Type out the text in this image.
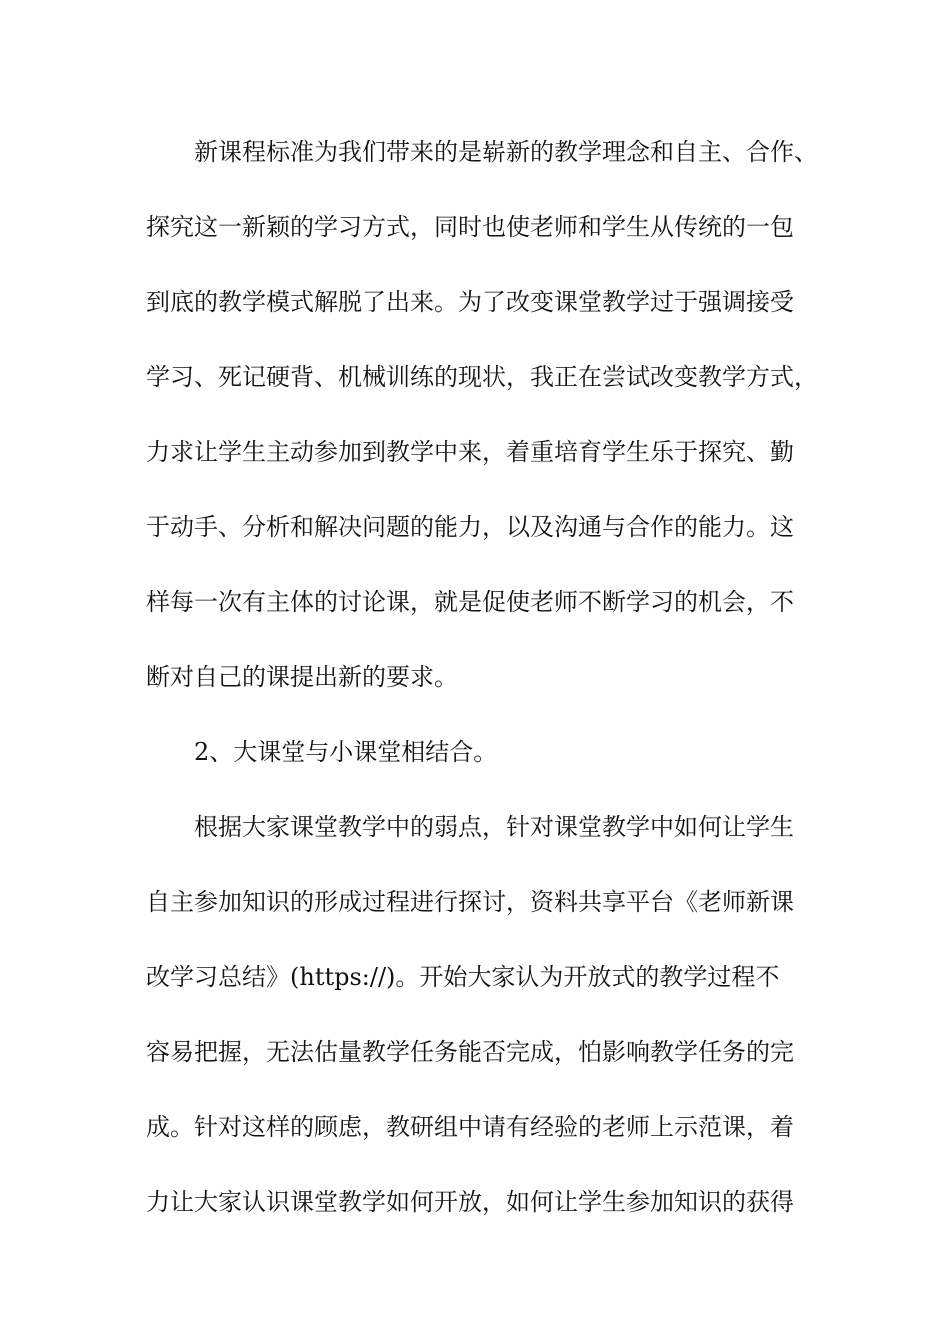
新课程标准为我们带来的是崭新的教学理念和自主、合作、
探究这一新颖的学习方式，同时也使老师和学生从传统的一包
到底的教学模式解脱了出来。为了改变课堂教学过于强调接受
学习、死记硬背、机械训练的现状，我正在尝试改变教学方式，
力求让学生主动参加到教学中来，着重培育学生乐于探究、勤
于动手、分析和解决问题的能力，以及沟通与合作的能力。这
样每一次有主体的讨论课，就是促使老师不断学习的机会，不
断对自己的课提出新的要求。
2、大课堂与小课堂相结合。
根据大家课堂教学中的弱点，针对课堂教学中如何让学生
自主参加知识的形成过程进行探讨，资料共享平台《老师新课
改学习总结》(https://)。开始大家认为开放式的教学过程不
容易把握，无法估量教学任务能否完成，怕影响教学任务的完
成。针对这样的顾虑，教研组中请有经验的老师上示范课，着
力让大家认识课堂教学如何开放，如何让学生参加知识的获得
